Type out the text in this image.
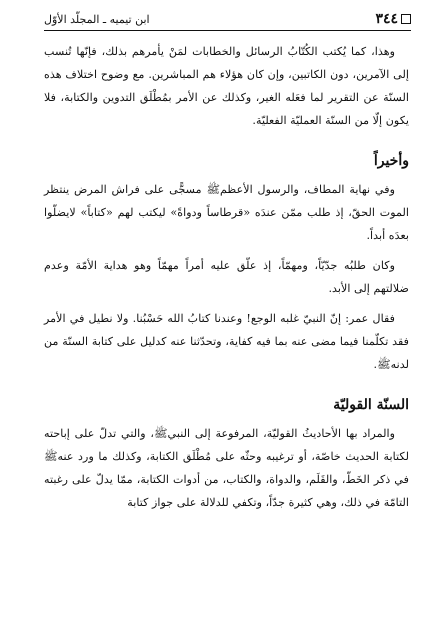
٣٤٤
ابن تيميه ـ المجلّد الأوّل

وهذا، كما يُكتب الكُتّابُ الرسائل والخطابات لمَنْ يأمرهم بذلك، فإنّها تُنسب إلى الآمرين، دون الكاتبين، وإن كان هؤلاء هم المباشرين. مع وضوح اختلاف هذه السنّة عن التقرير لما فعَله الغير، وكذلك عن الأمر بمُطْلَق التدوين والكتابة، فلا يكون إلّا من السنّة العمليّة الفعليّة.

وأخيراً

وفي نهاية المطاف، والرسول الأعظمﷺ مسجًّى على فراش المرض ينتظر الموت الحقّ، إذ طلب ممّن عندَه «قرطاساً ودواةً» ليكتب لهم «كتاباً» لايضلّوا بعدَه أبداً.

وكان طلبُه جدّيّاً، ومهمّاً، إذ علّق عليه أمراً مهمّاً وهو هداية الأمّة وعدم ضلالتهم إلى الأبد.

فقال عمر: إنّ النبيّ غلبه الوجع! وعندنا كتابُ الله حَسْبُنا. ولا نطيل في الأمر فقد تكلّمنا فيما مضى عنه بما فيه كفاية، وتحدّثنا عنه كدليل على كتابة السنّة من لدنهﷺ.

السنّة القوليّة

والمراد بها الأحاديثُ القوليّة، المرفوعة إلى النبيﷺ، والتي تدلّ على إباحته لكتابة الحديث خاصّة، أو ترغيبه وحثّه على مُطْلَق الكتابة، وكذلك ما ورد عنهﷺ في ذكر الخَطّ، والقَلَم، والدواة، والكتاب، من أدوات الكتابة، ممّا يدلّ على رغبته التامّة في ذلك، وهي كثيرة جدّاً، وتكفي للدلالة على جواز كتابة
